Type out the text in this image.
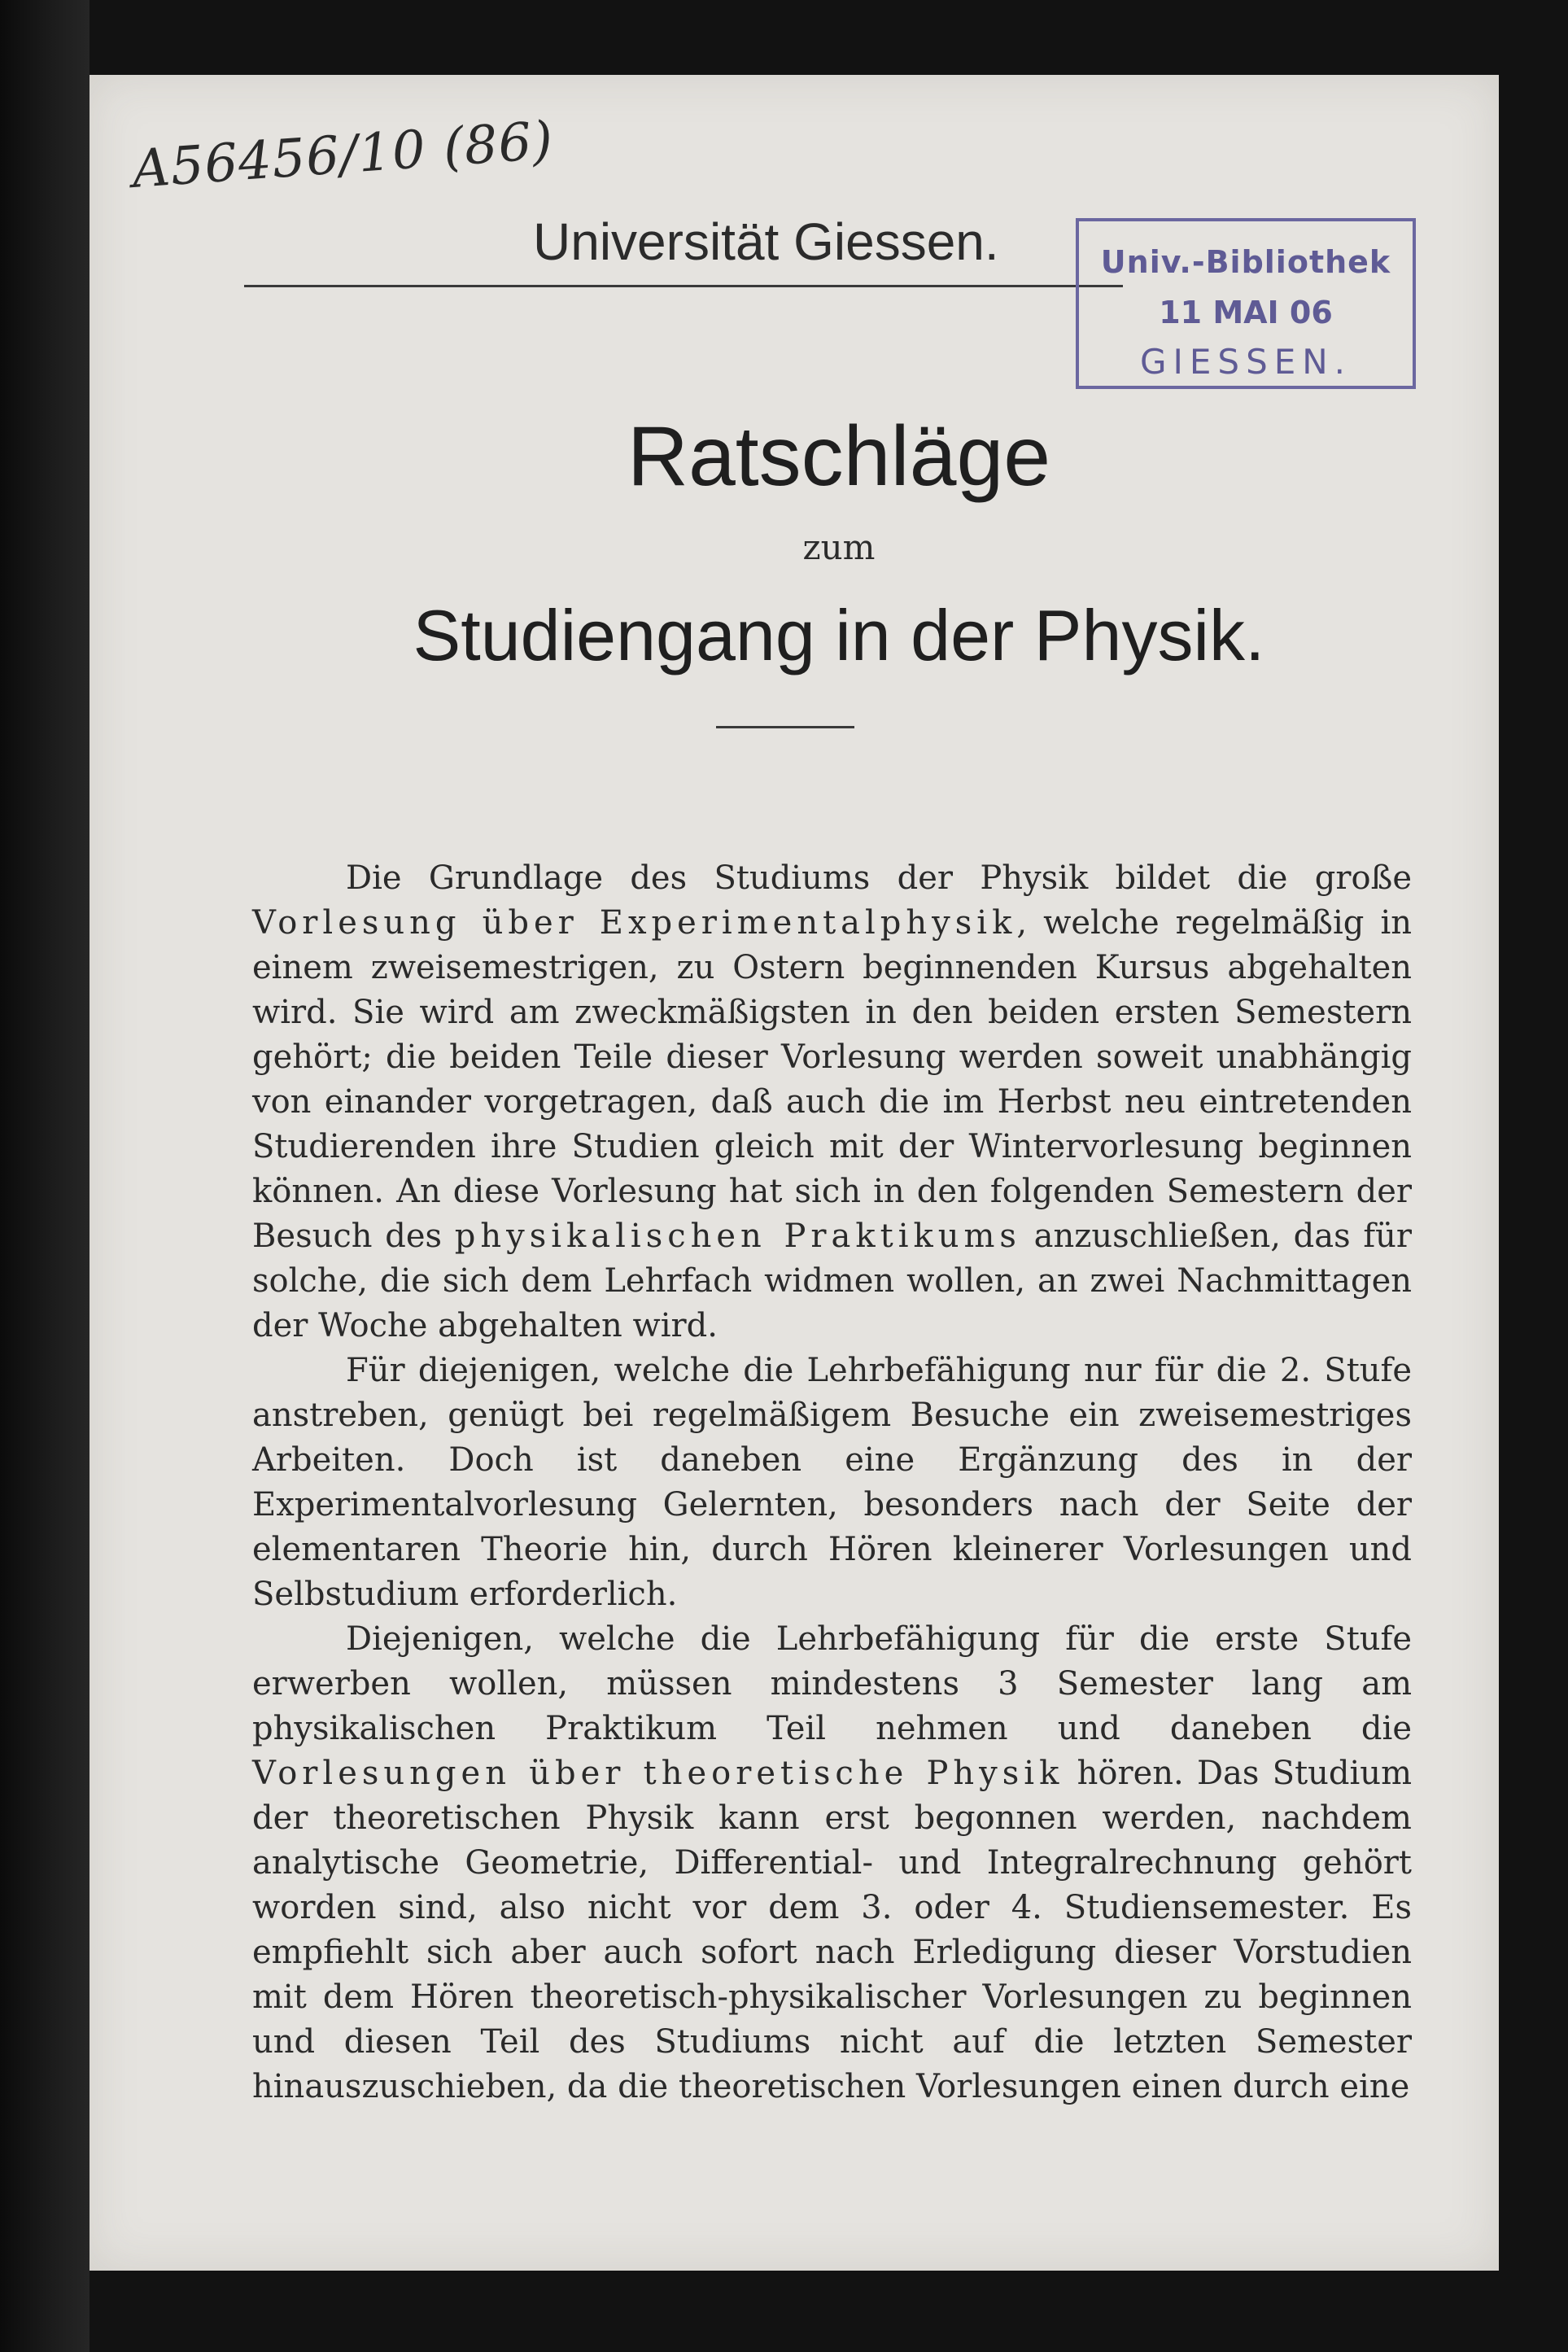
A56456/10 (86)
Universität Giessen.	Univ.-Bibliothek
11 MAI 06
GIESSEN.
Ratschläge
zum
Studiengang in der Physik.

Die Grundlage des Studiums der Physik bildet die große Vorlesung über Experimentalphysik, welche regelmäßig in einem zweisemestrigen, zu Ostern beginnenden Kursus abgehalten wird. Sie wird am zweckmäßigsten in den beiden ersten Semestern gehört; die beiden Teile dieser Vorlesung werden soweit unabhängig von einander vorgetragen, daß auch die im Herbst neu eintretenden Studierenden ihre Studien gleich mit der Wintervorlesung beginnen können. An diese Vorlesung hat sich in den folgenden Semestern der Besuch des physikalischen Praktikums anzuschließen, das für solche, die sich dem Lehrfach widmen wollen, an zwei Nachmittagen der Woche abgehalten wird.

Für diejenigen, welche die Lehrbefähigung nur für die 2. Stufe anstreben, genügt bei regelmäßigem Besuche ein zweisemestriges Arbeiten. Doch ist daneben eine Ergänzung des in der Experimentalvorlesung Gelernten, besonders nach der Seite der elementaren Theorie hin, durch Hören kleinerer Vorlesungen und Selbstudium erforderlich.

Diejenigen, welche die Lehrbefähigung für die erste Stufe erwerben wollen, müssen mindestens 3 Semester lang am physikalischen Praktikum Teil nehmen und daneben die Vorlesungen über theoretische Physik hören. Das Studium der theoretischen Physik kann erst begonnen werden, nachdem analytische Geometrie, Differential- und Integralrechnung gehört worden sind, also nicht vor dem 3. oder 4. Studiensemester. Es empfiehlt sich aber auch sofort nach Erledigung dieser Vorstudien mit dem Hören theoretisch-physikalischer Vorlesungen zu beginnen und diesen Teil des Studiums nicht auf die letzten Semester hinauszuschieben, da die theoretischen Vorlesungen einen durch eine
